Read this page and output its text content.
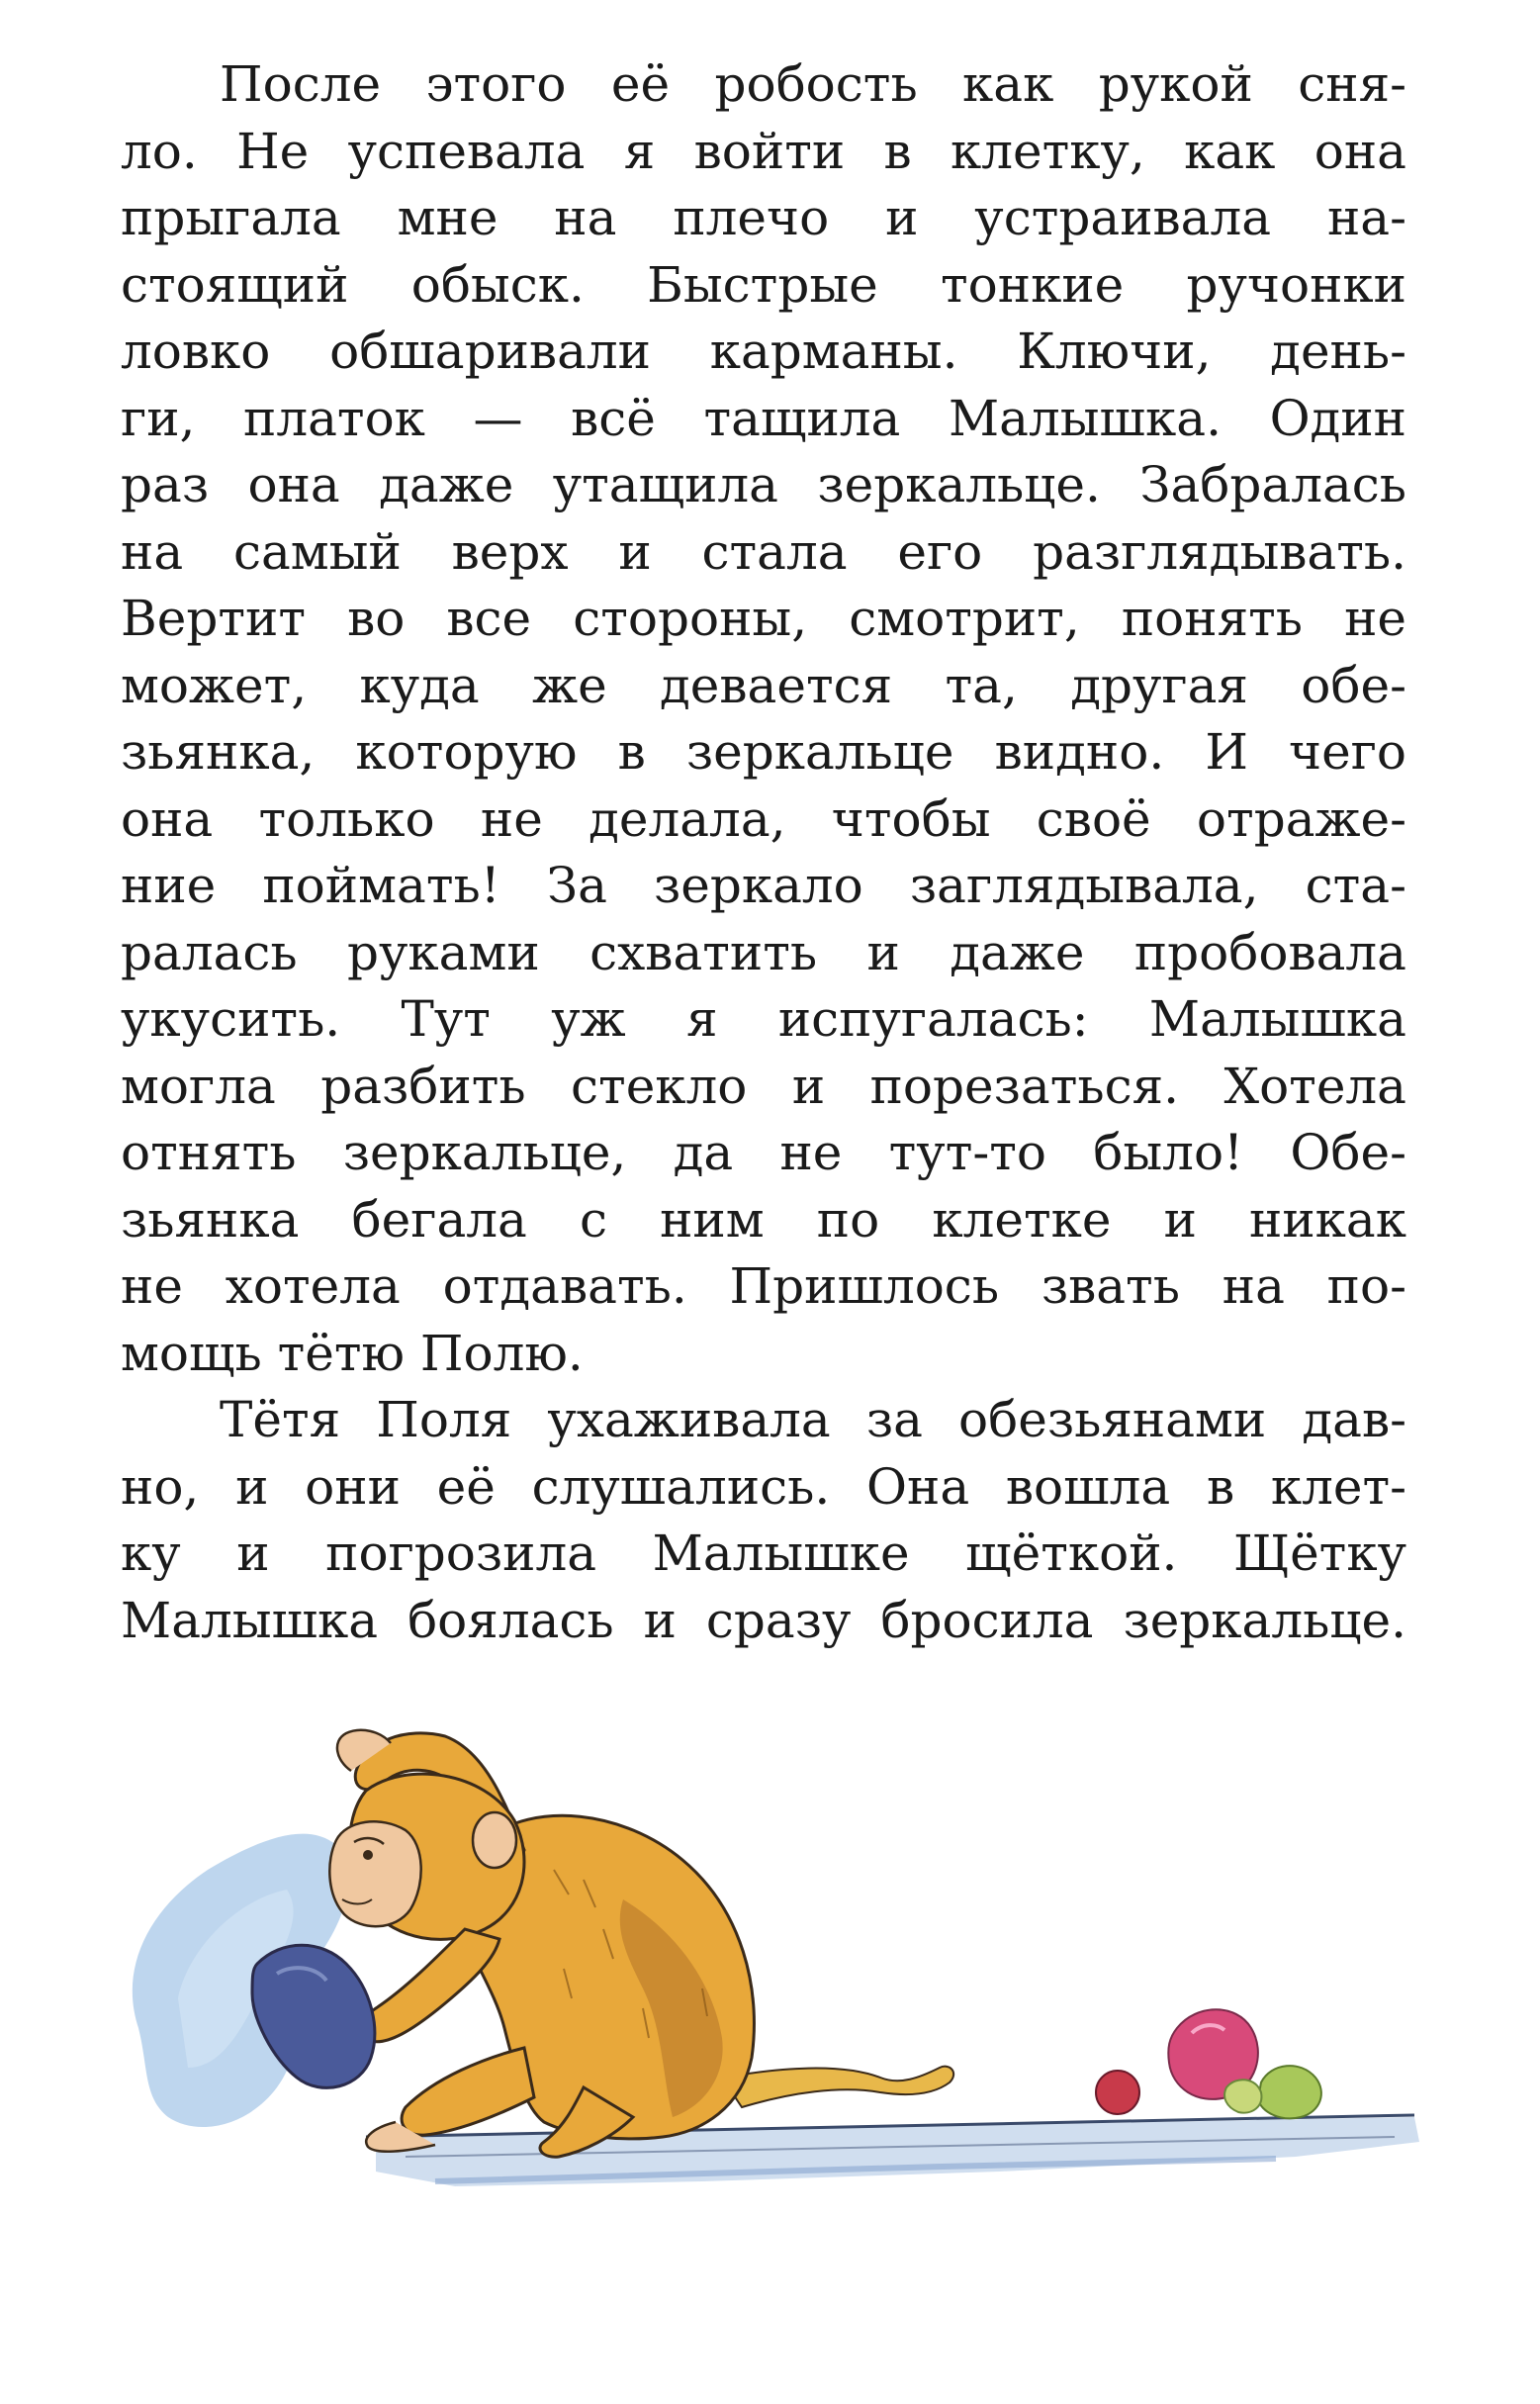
После этого её робость как рукой сня-
ло. Не успевала я войти в клетку, как она
прыгала мне на плечо и устраивала на-
стоящий обыск. Быстрые тонкие ручонки
ловко обшаривали карманы. Ключи, день-
ги, платок — всё тащила Малышка. Один
раз она даже утащила зеркальце. Забралась
на самый верх и стала его разглядывать.
Вертит во все стороны, смотрит, понять не
может, куда же девается та, другая обе-
зьянка, которую в зеркальце видно. И чего
она только не делала, чтобы своё отраже-
ние поймать! За зеркало заглядывала, ста-
ралась руками схватить и даже пробовала
укусить. Тут уж я испугалась: Малышка
могла разбить стекло и порезаться. Хотела
отнять зеркальце, да не тут-то было! Обе-
зьянка бегала с ним по клетке и никак
не хотела отдавать. Пришлось звать на по-
мощь тётю Полю.
Тётя Поля ухаживала за обезьянами дав-
но, и они её слушались. Она вошла в клет-
ку и погрозила Малышке щёткой. Щётку
Малышка боялась и сразу бросила зеркальце.
